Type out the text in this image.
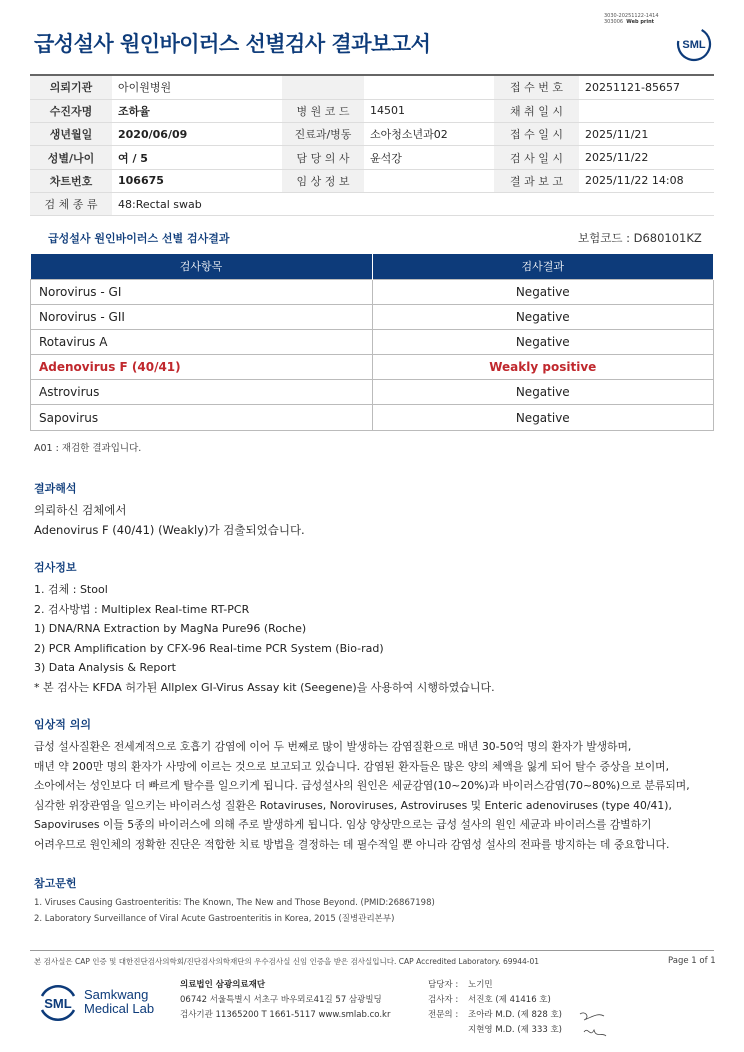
3030-20251122-1414
303006 Web print
급성설사 원인바이러스 선별검사 결과보고서	SML
의뢰기관	아이원병원			접 수 번 호	20251121-85657
수진자명	조하율	병 원 코 드	14501	채 취 일 시	
생년월일	2020/06/09	진료과/병동	소아청소년과02	접 수 일 시	2025/11/21
성별/나이	여 / 5	담 당 의 사	윤석강	검 사 일 시	2025/11/22
차트번호	106675	임 상 정 보		결 과 보 고	2025/11/22 14:08
검 체 종 류	48:Rectal swab				
급성설사 원인바이러스 선별 검사결과	보험코드 : D680101KZ
검사항목	검사결과
Norovirus - GI	Negative
Norovirus - GII	Negative
Rotavirus A	Negative
Adenovirus F (40/41)	Weakly positive
Astrovirus	Negative
Sapovirus	Negative
A01 : 재검한 결과입니다.
결과해석
의뢰하신 검체에서
Adenovirus F (40/41) (Weakly)가 검출되었습니다.
검사정보
1. 검체 : Stool
2. 검사방법 : Multiplex Real-time RT-PCR
1) DNA/RNA Extraction by MagNa Pure96 (Roche)
2) PCR Amplification by CFX-96 Real-time PCR System (Bio-rad)
3) Data Analysis & Report
* 본 검사는 KFDA 허가된 Allplex GI-Virus Assay kit (Seegene)을 사용하여 시행하였습니다.
임상적 의의
급성 설사질환은 전세계적으로 호흡기 감염에 이어 두 번째로 많이 발생하는 감염질환으로 매년 30-50억 명의 환자가 발생하며,
매년 약 200만 명의 환자가 사망에 이르는 것으로 보고되고 있습니다. 감염된 환자들은 많은 양의 체액을 잃게 되어 탈수 증상을 보이며,
소아에서는 성인보다 더 빠르게 탈수를 일으키게 됩니다. 급성설사의 원인은 세균감염(10~20%)과 바이러스감염(70~80%)으로 분류되며,
심각한 위장관염을 일으키는 바이러스성 질환은 Rotaviruses, Noroviruses, Astroviruses 및 Enteric adenoviruses (type 40/41),
Sapoviruses 이들 5종의 바이러스에 의해 주로 발생하게 됩니다. 임상 양상만으로는 급성 설사의 원인 세균과 바이러스를 감별하기
어려우므로 원인체의 정확한 진단은 적합한 치료 방법을 결정하는 데 필수적일 뿐 아니라 감염성 설사의 전파를 방지하는 데 중요합니다.
참고문헌
1. Viruses Causing Gastroenteritis: The Known, The New and Those Beyond. (PMID:26867198)
2. Laboratory Surveillance of Viral Acute Gastroenteritis in Korea, 2015 (질병관리본부)
본 검사실은 CAP 인증 및 대한진단검사의학회/진단검사의학재단의 우수검사실 신임 인증을 받은 검사실입니다. CAP Accredited Laboratory. 69944-01	Page 1 of 1
SML
Samkwang
Medical Lab
의료법인 삼광의료재단
06742 서울특별시 서초구 바우뫼로41길 57 삼광빌딩
검사기관 11365200 T 1661-5117 www.smlab.co.kr
담당자 : 노기민
검사자 : 서진호 (제 41416 호)
전문의 : 조아라 M.D. (제 828 호)
지현영 M.D. (제 333 호)
